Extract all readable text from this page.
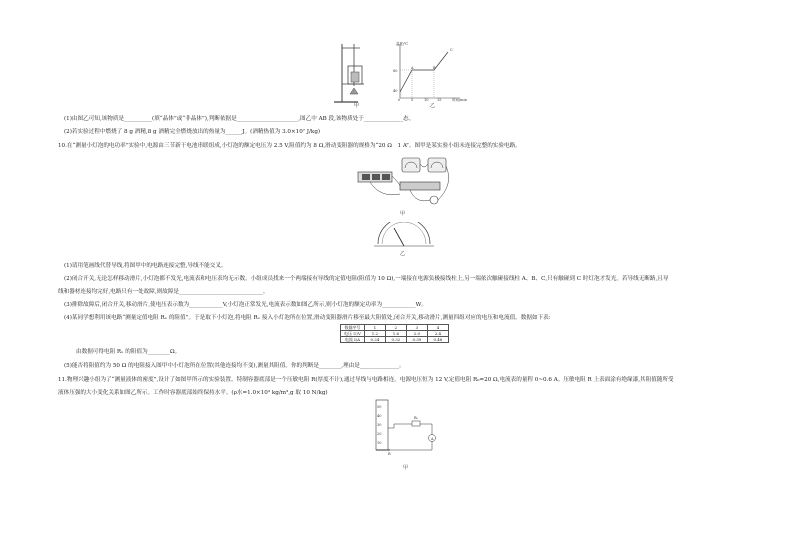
甲
温度/℃
时间/min
80
40
0	5	10 15
A	B
C
乙
(1)由图乙可知,该物质是__________(填“晶体”或“非晶体”),判断依据是______________________,图乙中 AB 段,该物质处于______________态。
(2)若实验过程中燃烧了 8 g 酒精,8 g 酒精完全燃烧放出的热量为______J。(酒精热值为 3.0×10⁷ J/kg)
10.在“测量小灯泡的电功率”实验中,电源由三节新干电池串联组成,小灯泡的额定电压为 2.5 V,阻值约为 8 Ω,滑动变阻器的规格为“20 Ω　1 A”。图甲是某实验小组未连接完整的实验电路。
甲
乙
(1)请用笔画线代替导线,将图甲中的电路连接完整,导线不能交叉。
(2)闭合开关,无论怎样移动滑片,小灯泡都不发光,电流表和电压表均无示数。小组成员找来一个两端接有导线的定值电阻(阻值为 10 Ω),一端接在电源负极接线柱上,另一端依次触碰接线柱 A、B、C,只有触碰到 C 时灯泡才发光。若导线无断路,且导
线和器材连接均完好,电路只有一处故障,则故障是______________________________。
(3)排除故障后,闭合开关,移动滑片,使电压表示数为____________V,小灯泡正常发光,电流表示数如图乙所示,则小灯泡的额定功率为____________W。
(4)某同学想利用该电路“测量定值电阻 Rₓ 的阻值”。于是取下小灯泡,将电阻 Rₓ 接入小灯泡所在位置,滑动变阻器滑片移至最大阻值处,闭合开关,移动滑片,测量四组对应的电压和电流值。数据如下表:
数据序号	1	2	3	4
电压 U/V	1.2	1.6	2.0	2.4
电流 I/A	0.24	0.32	0.39	0.48
由数据可得电阻 Rₓ 的阻值为________Ω。
(5)能否将阻值约为 50 Ω 的电阻接入图甲中小灯泡所在位置(其他连接均不变),测量其阻值。你的判断是________,理由是______________。
11.物理兴趣小组为了“测量液体的密度”,设计了如图甲所示的实验装置。特制容器底部是一个压敏电阻 R(厚度不计),通过导线与电路相连。电源电压恒为 12 V,定值电阻 R₀=20 Ω,电流表的量程 0~0.6 A。压敏电阻 R 上表面涂有绝缘漆,其阻值随所受
液体压强的大小变化关系如图乙所示。工作时容器底部始终保持水平。(ρ水=1.0×10³ kg/m³,g 取 10 N/kg)
50
40
30
20
10
R₀
R
A
甲
